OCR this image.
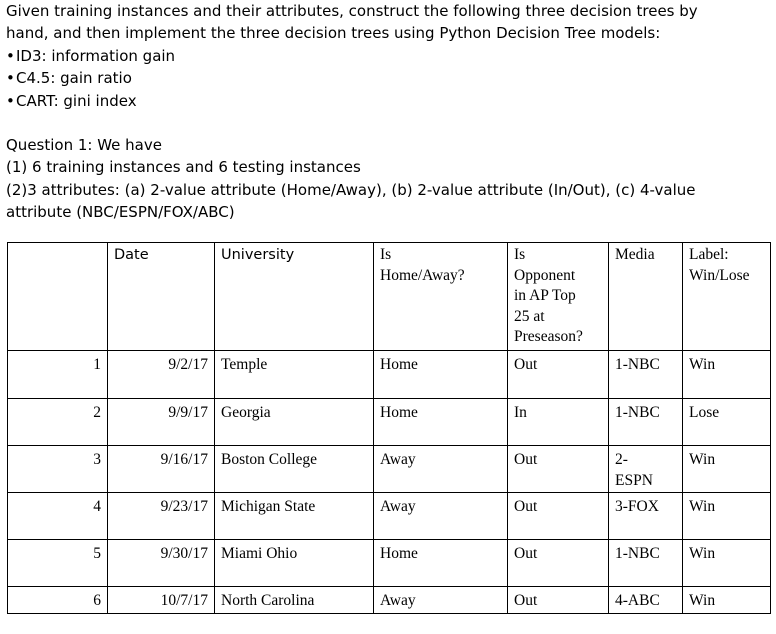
Given training instances and their attributes, construct the following three decision trees by

hand, and then implement the three decision trees using Python Decision Tree models:

• ID3: information gain
• C4.5: gain ratio
• CART: gini index

Question 1: We have

(1) 6 training instances and 6 testing instances

(2)3 attributes: (a) 2-value attribute (Home/Away), (b) 2-value attribute (In/Out), (c) 4-value

attribute (NBC/ESPN/FOX/ABC)

	Date	University	Is
Home/Away?	Is
Opponent
in AP Top
25 at
Preseason?	Media	Label:
Win/Lose
1	9/2/17	Temple	Home	Out	1-NBC	Win
2	9/9/17	Georgia	Home	In	1-NBC	Lose
3	9/16/17	Boston College	Away	Out	2-
ESPN	Win
4	9/23/17	Michigan State	Away	Out	3-FOX	Win
5	9/30/17	Miami Ohio	Home	Out	1-NBC	Win
6	10/7/17	North Carolina	Away	Out	4-ABC	Win
